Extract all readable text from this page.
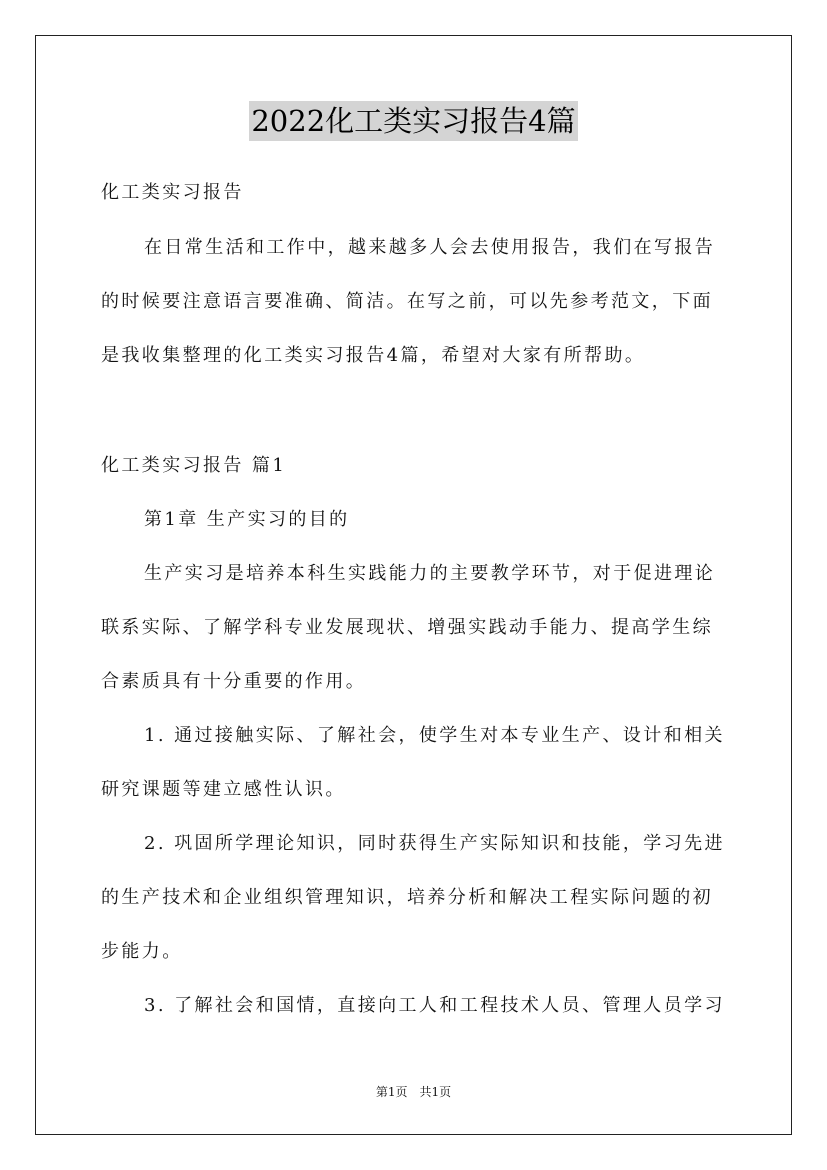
2022化工类实习报告4篇
化工类实习报告
在日常生活和工作中，越来越多人会去使用报告，我们在写报告
的时候要注意语言要准确、简洁。在写之前，可以先参考范文，下面
是我收集整理的化工类实习报告4篇，希望对大家有所帮助。
化工类实习报告 篇1
第1章 生产实习的目的
生产实习是培养本科生实践能力的主要教学环节，对于促进理论
联系实际、了解学科专业发展现状、增强实践动手能力、提高学生综
合素质具有十分重要的作用。
1. 通过接触实际、了解社会，使学生对本专业生产、设计和相关
研究课题等建立感性认识。
2. 巩固所学理论知识，同时获得生产实际知识和技能，学习先进
的生产技术和企业组织管理知识，培养分析和解决工程实际问题的初
步能力。
3. 了解社会和国情，直接向工人和工程技术人员、管理人员学习
第1页　共1页
